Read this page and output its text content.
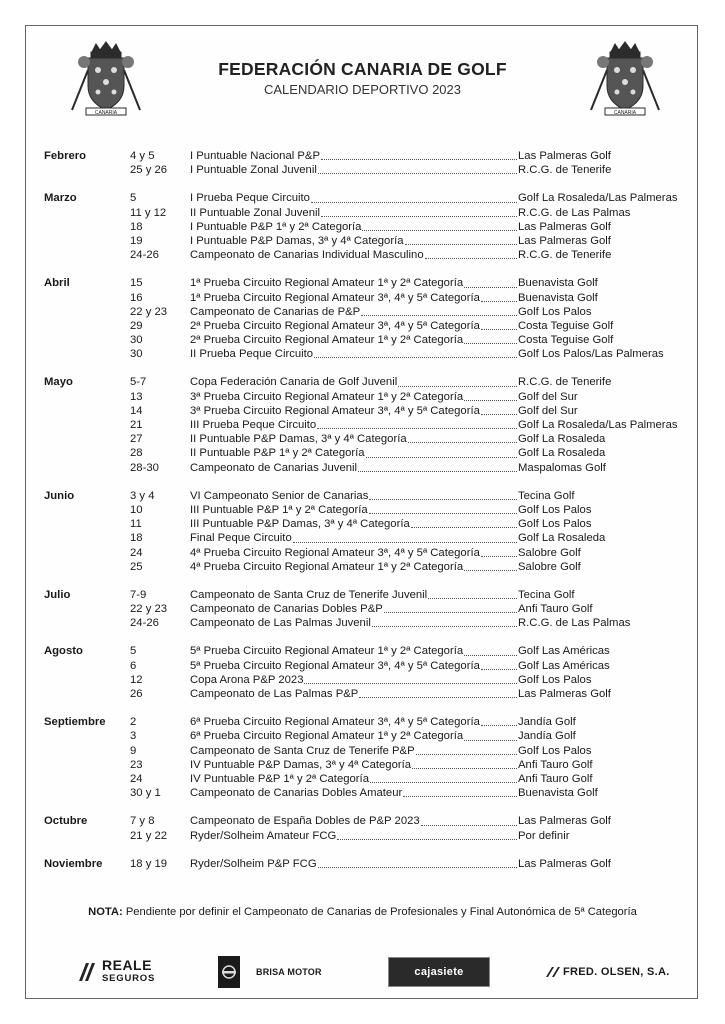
CANARIA	CANARIA
FEDERACIÓN CANARIA DE GOLF
CALENDARIO DEPORTIVO 2023
Febrero	4 y 5	I Puntuable Nacional P&P	Las Palmeras Golf
25 y 26	I Puntuable Zonal Juvenil	R.C.G. de Tenerife
Marzo	5	I Prueba Peque Circuito	Golf La Rosaleda/Las Palmeras
11 y 12	II Puntuable Zonal Juvenil	R.C.G. de Las Palmas
18	I Puntuable P&P 1ª y 2ª Categoría	Las Palmeras Golf
19	I Puntuable P&P Damas, 3ª y 4ª Categoría	Las Palmeras Golf
24-26	Campeonato de Canarias Individual Masculino	R.C.G. de Tenerife
Abril	15	1ª Prueba Circuito Regional Amateur 1ª y 2ª Categoría	Buenavista Golf
16	1ª Prueba Circuito Regional Amateur 3ª, 4ª y 5ª Categoría	Buenavista Golf
22 y 23	Campeonato de Canarias de P&P	Golf Los Palos
29	2ª Prueba Circuito Regional Amateur 3ª, 4ª y 5ª Categoría	Costa Teguise Golf
30	2ª Prueba Circuito Regional Amateur 1ª y 2ª Categoría	Costa Teguise Golf
30	II Prueba Peque Circuito	Golf Los Palos/Las Palmeras
Mayo	5-7	Copa Federación Canaria de Golf Juvenil	R.C.G. de Tenerife
13	3ª Prueba Circuito Regional Amateur 1ª y 2ª Categoría	Golf del Sur
14	3ª Prueba Circuito Regional Amateur 3ª, 4ª y 5ª Categoría	Golf del Sur
21	III Prueba Peque Circuito	Golf La Rosaleda/Las Palmeras
27	II Puntuable P&P Damas, 3ª y 4ª Categoría	Golf La Rosaleda
28	II Puntuable P&P 1ª y 2ª Categoría	Golf La Rosaleda
28-30	Campeonato de Canarias Juvenil	Maspalomas Golf
Junio	3 y 4	VI Campeonato Senior de Canarias	Tecina Golf
10	III Puntuable P&P 1ª y 2ª Categoría	Golf Los Palos
11	III Puntuable P&P Damas, 3ª y 4ª Categoría	Golf Los Palos
18	Final Peque Circuito	Golf La Rosaleda
24	4ª Prueba Circuito Regional Amateur 3ª, 4ª y 5ª Categoría	Salobre Golf
25	4ª Prueba Circuito Regional Amateur 1ª y 2ª Categoría	Salobre Golf
Julio	7-9	Campeonato de Santa Cruz de Tenerife Juvenil	Tecina Golf
22 y 23	Campeonato de Canarias Dobles P&P	Anfi Tauro Golf
24-26	Campeonato de Las Palmas Juvenil	R.C.G. de Las Palmas
Agosto	5	5ª Prueba Circuito Regional Amateur 1ª y 2ª Categoría	Golf Las Américas
6	5ª Prueba Circuito Regional Amateur 3ª, 4ª y 5ª Categoría	Golf Las Américas
12	Copa Arona P&P 2023	Golf Los Palos
26	Campeonato de Las Palmas P&P	Las Palmeras Golf
Septiembre	2	6ª Prueba Circuito Regional Amateur 3ª, 4ª y 5ª Categoría	Jandía Golf
3	6ª Prueba Circuito Regional Amateur 1ª y 2ª Categoría	Jandía Golf
9	Campeonato de Santa Cruz de Tenerife P&P	Golf Los Palos
23	IV Puntuable P&P Damas, 3ª y 4ª Categoría	Anfi Tauro Golf
24	IV Puntuable P&P 1ª y 2ª Categoría	Anfi Tauro Golf
30 y 1	Campeonato de Canarias Dobles Amateur	Buenavista Golf
Octubre	7 y 8	Campeonato de España Dobles de P&P 2023	Las Palmeras Golf
21 y 22	Ryder/Solheim Amateur FCG	Por definir
Noviembre	18 y 19	Ryder/Solheim P&P FCG	Las Palmeras Golf
NOTA: Pendiente por definir el Campeonato de Canarias de Profesionales y Final Autonómica de 5ª Categoría
REALE
SEGUROS
BRISA MOTOR	cajasiete	FRED. OLSEN, S.A.
